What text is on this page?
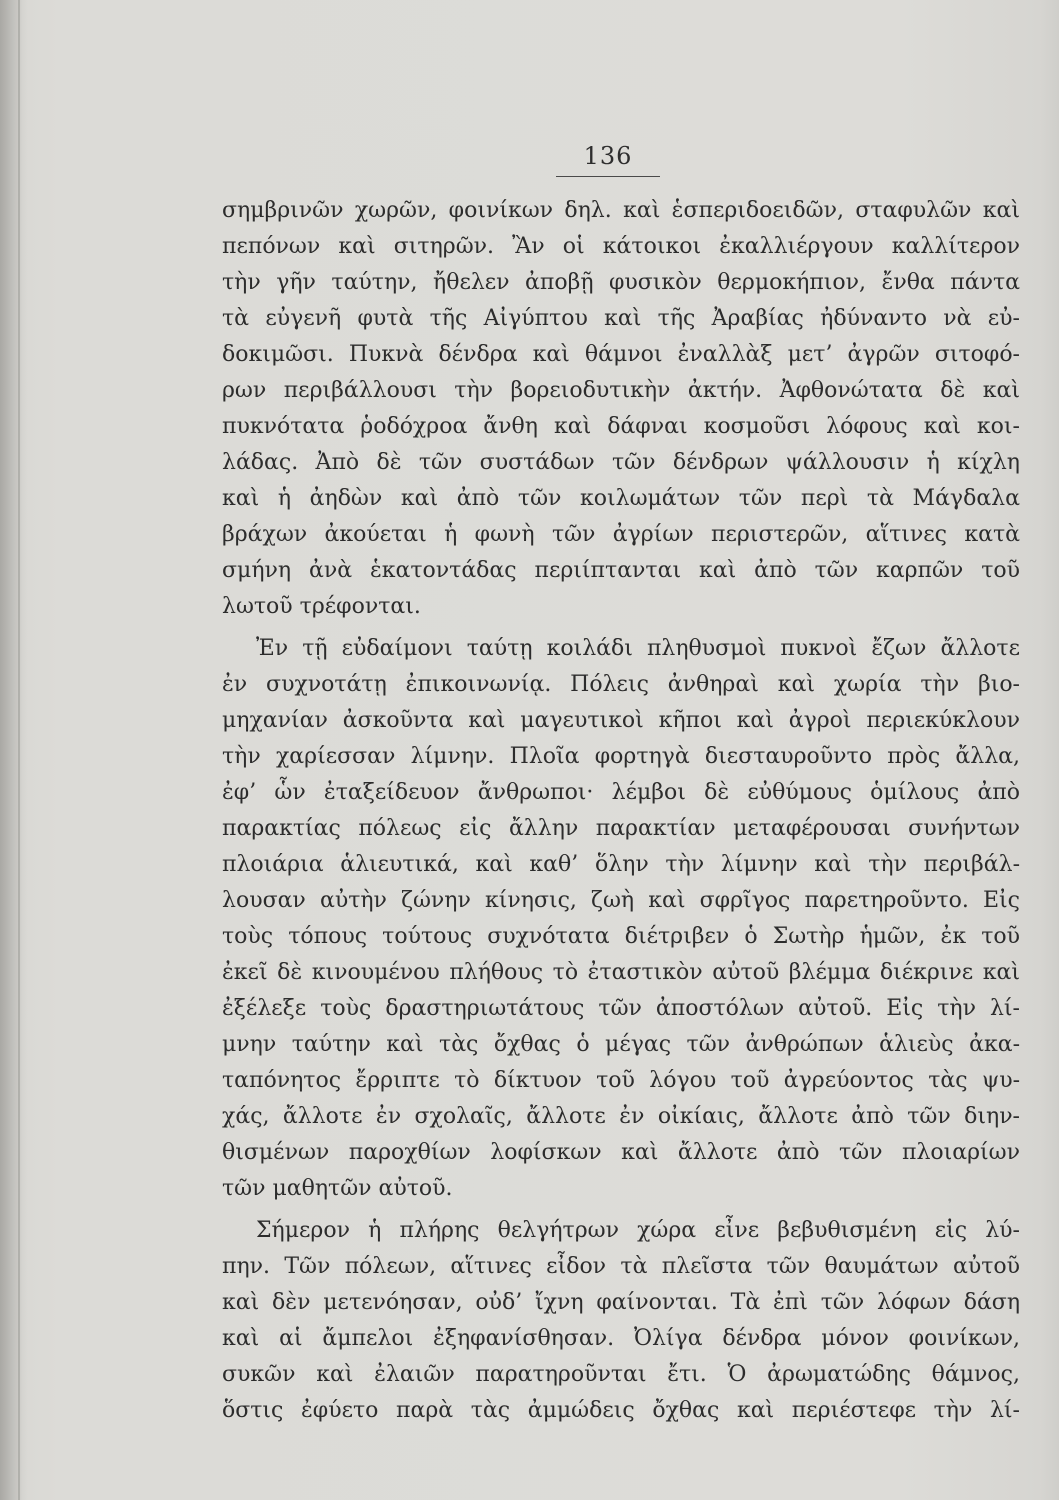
136
σημβρινῶν χωρῶν, φοινίκων δηλ. καὶ ἑσπεριδοειδῶν, σταφυλῶν καὶ
πεπόνων καὶ σιτηρῶν. Ἂν οἱ κάτοικοι ἐκαλλιέργουν καλλίτερον
τὴν γῆν ταύτην, ἤθελεν ἀποβῇ φυσικὸν θερμοκήπιον, ἔνθα πάντα
τὰ εὐγενῆ φυτὰ τῆς Αἰγύπτου καὶ τῆς Ἀραβίας ἠδύναντο νὰ εὐ-
δοκιμῶσι. Πυκνὰ δένδρα καὶ θάμνοι ἐναλλὰξ μετ’ ἀγρῶν σιτοφό-
ρων περιβάλλουσι τὴν βορειοδυτικὴν ἀκτήν. Ἀφθονώτατα δὲ καὶ
πυκνότατα ῥοδόχροα ἄνθη καὶ δάφναι κοσμοῦσι λόφους καὶ κοι-
λάδας. Ἀπὸ δὲ τῶν συστάδων τῶν δένδρων ψάλλουσιν ἡ κίχλη
καὶ ἡ ἀηδὼν καὶ ἀπὸ τῶν κοιλωμάτων τῶν περὶ τὰ Μάγδαλα
βράχων ἀκούεται ἡ φωνὴ τῶν ἀγρίων περιστερῶν, αἵτινες κατὰ
σμήνη ἀνὰ ἑκατοντάδας περιίπτανται καὶ ἀπὸ τῶν καρπῶν τοῦ
λωτοῦ τρέφονται.
Ἐν τῇ εὐδαίμονι ταύτῃ κοιλάδι πληθυσμοὶ πυκνοὶ ἔζων ἄλλοτε
ἐν συχνοτάτῃ ἐπικοινωνίᾳ. Πόλεις ἀνθηραὶ καὶ χωρία τὴν βιο-
μηχανίαν ἀσκοῦντα καὶ μαγευτικοὶ κῆποι καὶ ἀγροὶ περιεκύκλουν
τὴν χαρίεσσαν λίμνην. Πλοῖα φορτηγὰ διεσταυροῦντο πρὸς ἄλλα,
ἐφ’ ὧν ἐταξείδευον ἄνθρωποι· λέμβοι δὲ εὐθύμους ὁμίλους ἀπὸ
παρακτίας πόλεως εἰς ἄλλην παρακτίαν μεταφέρουσαι συνήντων
πλοιάρια ἁλιευτικά, καὶ καθ’ ὅλην τὴν λίμνην καὶ τὴν περιβάλ-
λουσαν αὐτὴν ζώνην κίνησις, ζωὴ καὶ σφρῖγος παρετηροῦντο. Εἰς
τοὺς τόπους τούτους συχνότατα διέτριβεν ὁ Σωτὴρ ἡμῶν, ἐκ τοῦ
ἐκεῖ δὲ κινουμένου πλήθους τὸ ἐταστικὸν αὐτοῦ βλέμμα διέκρινε καὶ
ἐξέλεξε τοὺς δραστηριωτάτους τῶν ἀποστόλων αὐτοῦ. Εἰς τὴν λί-
μνην ταύτην καὶ τὰς ὄχθας ὁ μέγας τῶν ἀνθρώπων ἁλιεὺς ἀκα-
ταπόνητος ἔρριπτε τὸ δίκτυον τοῦ λόγου τοῦ ἀγρεύοντος τὰς ψυ-
χάς, ἄλλοτε ἐν σχολαῖς, ἄλλοτε ἐν οἰκίαις, ἄλλοτε ἀπὸ τῶν διην-
θισμένων παροχθίων λοφίσκων καὶ ἄλλοτε ἀπὸ τῶν πλοιαρίων
τῶν μαθητῶν αὐτοῦ.
Σήμερον ἡ πλήρης θελγήτρων χώρα εἶνε βεβυθισμένη εἰς λύ-
πην. Τῶν πόλεων, αἵτινες εἶδον τὰ πλεῖστα τῶν θαυμάτων αὐτοῦ
καὶ δὲν μετενόησαν, οὐδ’ ἴχνη φαίνονται. Τὰ ἐπὶ τῶν λόφων δάση
καὶ αἱ ἄμπελοι ἐξηφανίσθησαν. Ὀλίγα δένδρα μόνον φοινίκων,
συκῶν καὶ ἐλαιῶν παρατηροῦνται ἔτι. Ὁ ἀρωματώδης θάμνος,
ὅστις ἐφύετο παρὰ τὰς ἀμμώδεις ὄχθας καὶ περιέστεφε τὴν λί-
